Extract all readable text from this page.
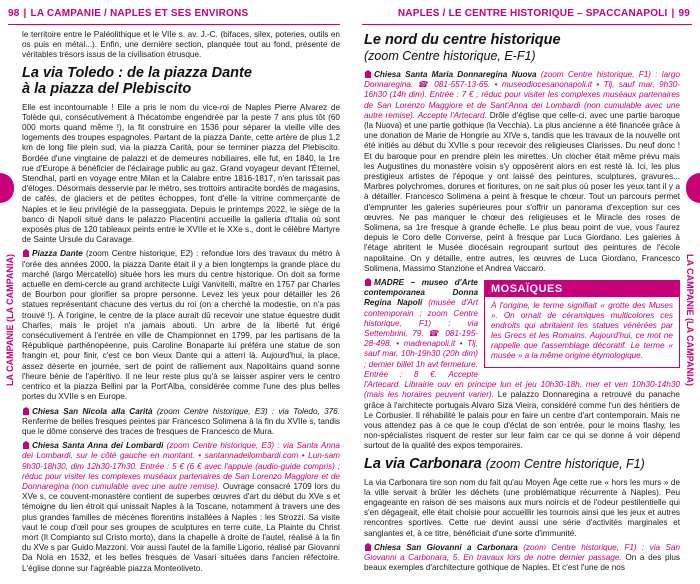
98 | LA CAMPANIE / NAPLES ET SES ENVIRONS	NAPLES / LE CENTRE HISTORIQUE – SPACCANAPOLI | 99
LA CAMPANIE (LA CAMPANIA)	LA CAMPANIE (LA CAMPANIA)

le territoire entre le Paléolithique et le VIIe s. av. J.-C. (bifaces, silex, poteries, outils en os puis en métal...). Enfin, une dernière section, planquée tout au fond, présente de véritables trésors issus de la civilisation étrusque.

La via Toledo : de la piazza Dante
à la piazza del Plebiscito

Elle est incontournable ! Elle a pris le nom du vice-roi de Naples Pierre Alvarez de Tolède qui, consécutivement à l'hécatombe engendrée par la peste 7 ans plus tôt (60 000 morts quand même !), la fit construire en 1536 pour séparer la vieille ville des logements des troupes espagnoles. Partant de la piazza Dante, cette artère de plus 1,2 km de long file plein sud, via la piazza Carità, pour se terminer piazza del Plebiscito. Bordée d'une vingtaine de palazzi et de demeures nobiliaires, elle fut, en 1840, la 1re rue d'Europe à bénéficier de l'éclairage public au gaz. Grand voyageur devant l'Éternel, Stendhal, parti en voyage entre Milan et la Calabre entre 1816-1817, n'en tarissait pas d'éloges. Désormais desservie par le métro, ses trottoirs antiracite bordés de magasins, de cafés, de glaciers et de petites échoppes, font d'elle la vitrine commerçante de Naples et le lieu privilégié de la passeggiata. Depuis le printemps 2022, le siège de la banco di Napoli situé dans le palazzo Piacentini accueille la galleria d'Italia où sont exposés plus de 120 tableaux peints entre le XVIIe et le XXe s., dont le célèbre Martyre de Sainte Ursule du Caravage.

Piazza Dante (zoom Centre historique, E2) : refondue lors des travaux du métro à l'orée des années 2000, la piazza Dante était il y a bien longtemps la grande place du marché (largo Mercatello) située hors les murs du centre historique. On doit sa forme actuelle en demi-cercle au grand architecte Luigi Vanvitelli, maître en 1757 par Charles de Bourbon pour glorifier sa propre personne. Levez les yeux pour détailler les 26 statues représentant chacune des vertus du roi (on a cherché la modestie, on n'a pas trouvé !). À l'origine, le centre de la place aurait dû recevoir une statue équestre dudit Charles, mais le projet n'a jamais abouti. Un arbre de la liberté fut érigé consécutivement à l'entrée en ville de Championnet en 1799, par les partisans de la République parthénopéenne, puis Caroline Bonaparte lui préféra une statue de son frangin et, pour finir, c'est ce bon vieux Dante qui a atterri là. Aujourd'hui, la place, assez déserte en journée, sert de point de ralliement aux Napolitains quand sonne l'heure bénie de l'apéritivo. Il ne leur reste plus qu'à se laisser aspirer vers le centro centrico et la piazza Bellini par la Port'Alba, considérée comme l'une des plus belles portes du XVIIe s en Europe.

Chiesa San Nicola alla Carità (zoom Centre historique, E3) : via Toledo, 376. Renferme de belles fresques peintes par Francesco Solimena à la fin du XVIIe s, tandis que le dôme conserve des traces de fresques de Francesco de Mura.

Chiesa Santa Anna dei Lombardi (zoom Centre historique, E3) : via Santa Anna dei Lombardi, sur le côté gauche en montant. • santannadeilombardi.com • Lun-sam 9h30-18h30, dim 12h30-17h30. Entrée : 5 € (6 € avec l'appuie (audio-guide compris) ; réduc pour visiter les complexes muséaux partenaires de San Lorenzo Maggiore et de Donnaregina (non cumulable avec une autre remise). Ouvrage consacré 1709 lors du XVe s, ce couvent-monastère contient de superbes œuvres d'art du début du XVe s et témoigne du lien étroit qui unissait Naples à la Toscane, notamment à travers une des plus grandes familles de mécènes florentins installées à Naples : les Strozzi. Sa visite vaut le coup d'œil pour ses groupes de sculptures en terre cuite, La Plainte du Christ mort (Il Compianto sul Cristo morto), dans la chapelle à droite de l'autel, réalisé à la fin du XVe s par Guido Mazzoni. Voir aussi l'autel de la famille Ligorio, réalisé par Giovanni Da Nola en 1532, et les belles fresques de Vasari situées dans l'ancien réfectoire. L'église donne sur l'agréable piazza Monteoliveto.

Le nord du centre historique
(zoom Centre historique, E-F1)

Chiesa Santa Maria Donnaregina Nuova (zoom Centre historique, F1) : largo Donnaregina. ☎ 081-557-13-65. • museodiocesanonapoli.it • Tlj, sauf mar, 9h30-16h30 (14h dim). Entrée : 7 € ; réduc pour visiter les complexes muséaux partenaires de San Lorenzo Maggiore et de Sant'Anna dei Lombardi (non cumulable avec une autre remise). Accepte l'Artecard. Drôle d'église que celle-ci, avec une partie baroque (la Nuova) et une partie gothique (la Vecchia). La plus ancienne a été financée grâce à une donation de Marie de Hongrie au XIVe s, tandis que les travaux de la nouvelle ont été initiés au début du XVIIe s pour recevoir des religieuses Clarisses. Du neuf donc ! Et du baroque pour en prendre plein les mirettes. Un clocher était même prévu mais les Augustines du monastère voisin s'y opposèrent alors en est resté là. Ici, les plus prestigieux artistes de l'époque y ont laissé des peintures, sculptures, gravures... Marbres polychromes, dorures et fioritures, on ne sait plus où poser les yeux tant il y a à détailler. Francesco Solimena a peint à fresque le chœur. Tout un parcours permet d'emprunter les galeries supérieures pour s'offrir un panorama d'exception sur ces œuvres. Ne pas manquer le chœur des religieuses et le Miracle des roses de Solimena, sa 1re fresque à grande échelle. Le plus beau point de vue, vous l'aurez depuis le Coro delle Converse, peint à fresque par Luca Giordano. Les galeries à l'étage abritent le Musée diocésain regroupant surtout des peintures de l'école napolitaine. On y détaille, entre autres, les œuvres de Luca Giordano, Francesco Solimena, Massimo Stanzione et Andrea Vaccaro.

MOSAÏQUES
À l'origine, le terme signifiait « grotte des Muses ». On ornait de céramiques multicolores ces endroits qui abritaient les statues vénérées par les Grecs et les Romains. Aujourd'hui, ce mot ne rappelle que l'assemblage décoratif. Le terme « musée » a la même origine étymologique.

MADRE – museo d'Arte contemporanea Donna Regina Napoli (musée d'Art contemporain ; zoom Centre historique, F1) : via Settembrini, 79. ☎ 081-195-28-498. • madrenapoli.it • Tlj, sauf mar, 10h-19h30 (20h dim) ; dernier billet 1h avt fermeture. Entrée : 8 €. Accepte l'Artecard. Librairie ouv en principe lun et jeu 10h30-18h, mer et ven 10h30-14h30 (mais les horaires peuvent varier). Le palazzo Donnaregina a retrouvé du panache grâce à l'architecte portugais Alvaro Siza Vieira, considéré comme l'un des héritiers de Le Corbusier. Il réhabilité le palais pour en faire un centre d'art contemporain. Mais ne vous attendez pas à ce que le coup d'éclat de son entrée, pour le moins flashy, les non-spécialistes risquent de rester sur leur faim car ce qui se donne à voir dépend surtout de la qualité des expos temporaires.

La via Carbonara (zoom Centre historique, F1)

La via Carbonara tire son nom du fait qu'au Moyen Âge cette rue « hors les murs » de la ville servait à brûler les déchets (une problématique récurrente à Naples). Peu engageante en raison de ses maisons aux murs noircis et de l'odeur pestilentielle qui s'en dégageait, elle était choisie pour accueillir les tournois ainsi que les jeux et autres rencontres sportives. Cette rue devint aussi une série d'activités marginales et sanglantes et, à ce titre, bénéficiait d'une sorte d'immunité.

Chiesa San Giovanni a Carbonara (zoom Centre historique, F1) : via San Giovanni a Carbonara, 5. En travaux lors de notre dernier passage. On a des plus beaux exemples d'architecture gothique de Naples. Et c'est l'une de nos
